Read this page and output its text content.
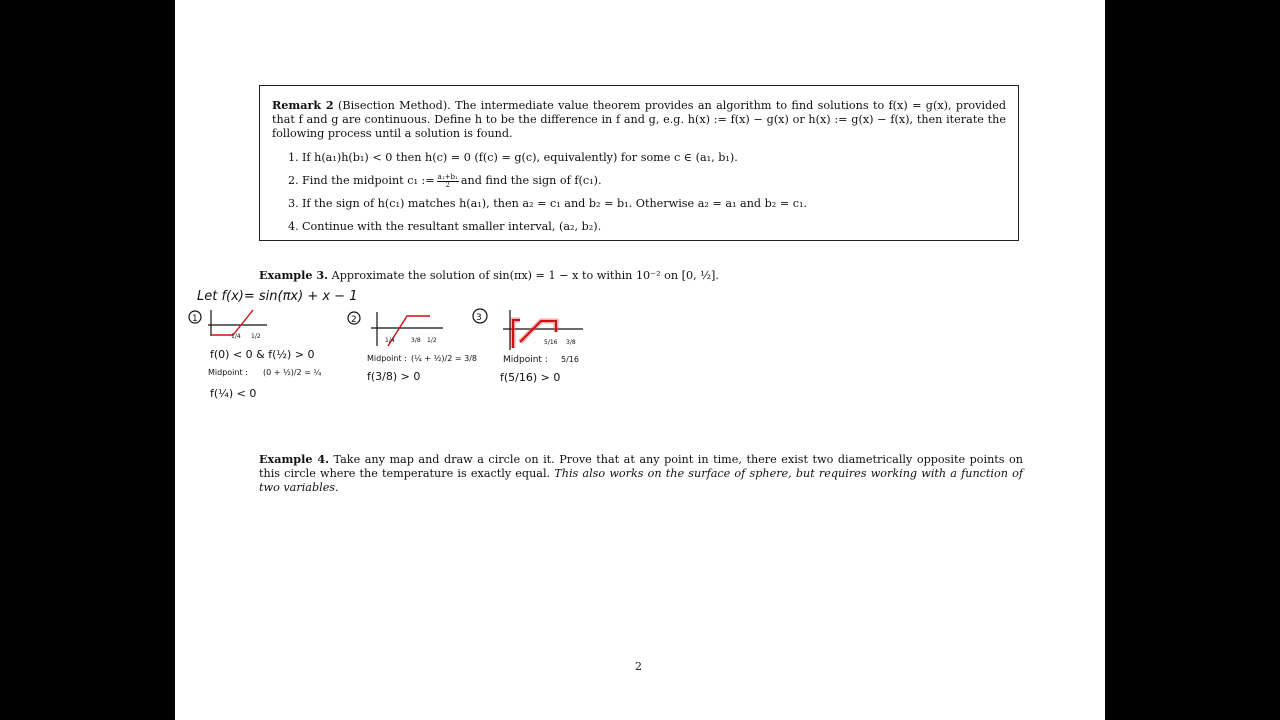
Remark 2 (Bisection Method). The intermediate value theorem provides an algorithm to find solutions to f(x) = g(x), provided that f and g are continuous. Define h to be the difference in f and g, e.g. h(x) := f(x) − g(x) or h(x) := g(x) − f(x), then iterate the following process until a solution is found.

1. If h(a₁)h(b₁) < 0 then h(c) = 0 (f(c) = g(c), equivalently) for some c ∈ (a₁, b₁).
2. Find the midpoint c₁ := $\frac{\text{a₁+b₁}}{2}$ and find the sign of f(c₁).
3. If the sign of h(c₁) matches h(a₁), then a₂ = c₁ and b₂ = b₁. Otherwise a₂ = a₁ and b₂ = c₁.
4. Continue with the resultant smaller interval, (a₂, b₂).
Example 3. Approximate the solution of sin(πx) = 1 − x to within 10⁻² on [0, ½].
Let f(x)= sin(πx) + x − 1
1
1/4 1/2
f(0) < 0 & f(½) > 0
Midpoint : (0 + ½)/2 = ¼
f(¼) < 0
2
1/4	3/8 1/2
Midpoint : (¼ + ½)/2 = 3/8
f(3/8) > 0
3
5/16 3/8
Midpoint : 5/16
f(5/16) > 0
Example 4. Take any map and draw a circle on it. Prove that at any point in time, there exist two diametrically opposite points on this circle where the temperature is exactly equal. This also works on the surface of sphere, but requires working with a function of two variables.
2
